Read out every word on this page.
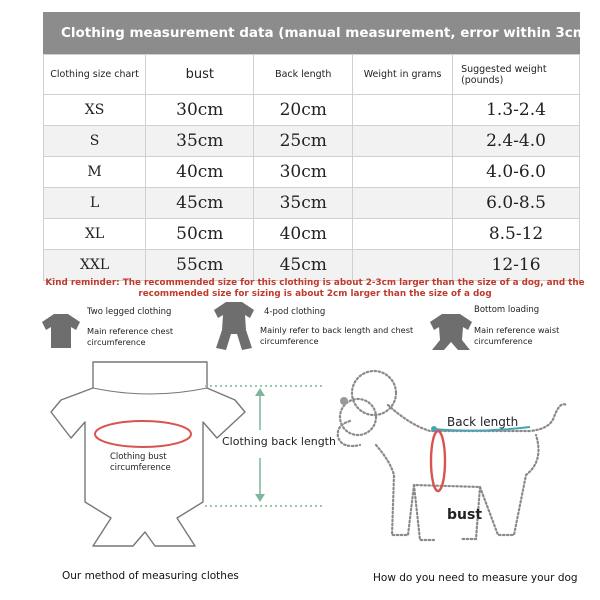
Clothing measurement data (manual measurement, error within 3cm)
Clothing size chart	bust	Back length	Weight in grams	Suggested weight
(pounds)
XS	30cm	20cm		1.3-2.4
S	35cm	25cm		2.4-4.0
M	40cm	30cm		4.0-6.0
L	45cm	35cm		6.0-8.5
XL	50cm	40cm		8.5-12
XXL	55cm	45cm		12-16
Kind reminder: The recommended size for this clothing is about 2-3cm larger than the size of a dog, and the
recommended size for sizing is about 2cm larger than the size of a dog
Two legged clothing
Main reference chest
circumference
4-pod clothing
Mainly refer to back length and chest
circumference
Bottom loading
Main reference waist
circumference
Clothing back length
Clothing bust
circumference
Our method of measuring clothes
Back length
bust
How do you need to measure your dog
